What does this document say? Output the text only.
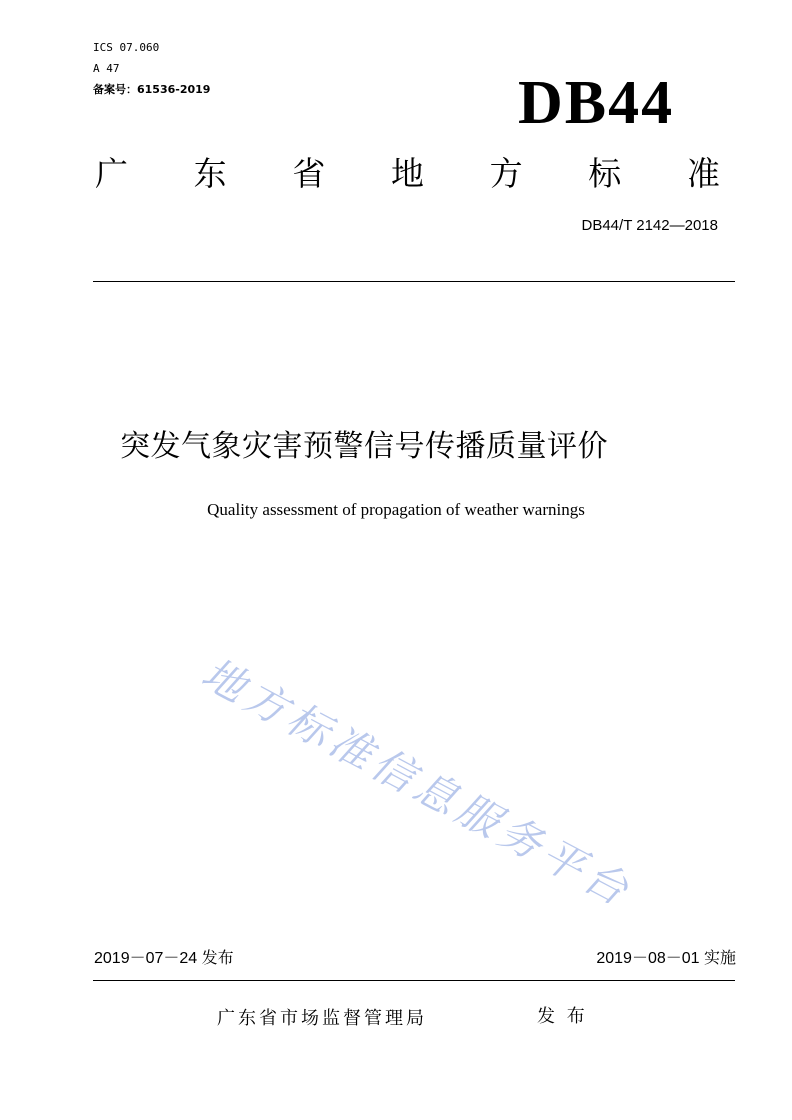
ICS 07.060
A 47
备案号：61536-2019	DB44
广 东 省 地 方 标 准
DB44/T 2142—2018
突发气象灾害预警信号传播质量评价
Quality assessment of propagation of weather warnings
地方标准信息服务平台
2019－07－24 发布	2019－08－01 实施
广东省市场监督管理局	发 布
